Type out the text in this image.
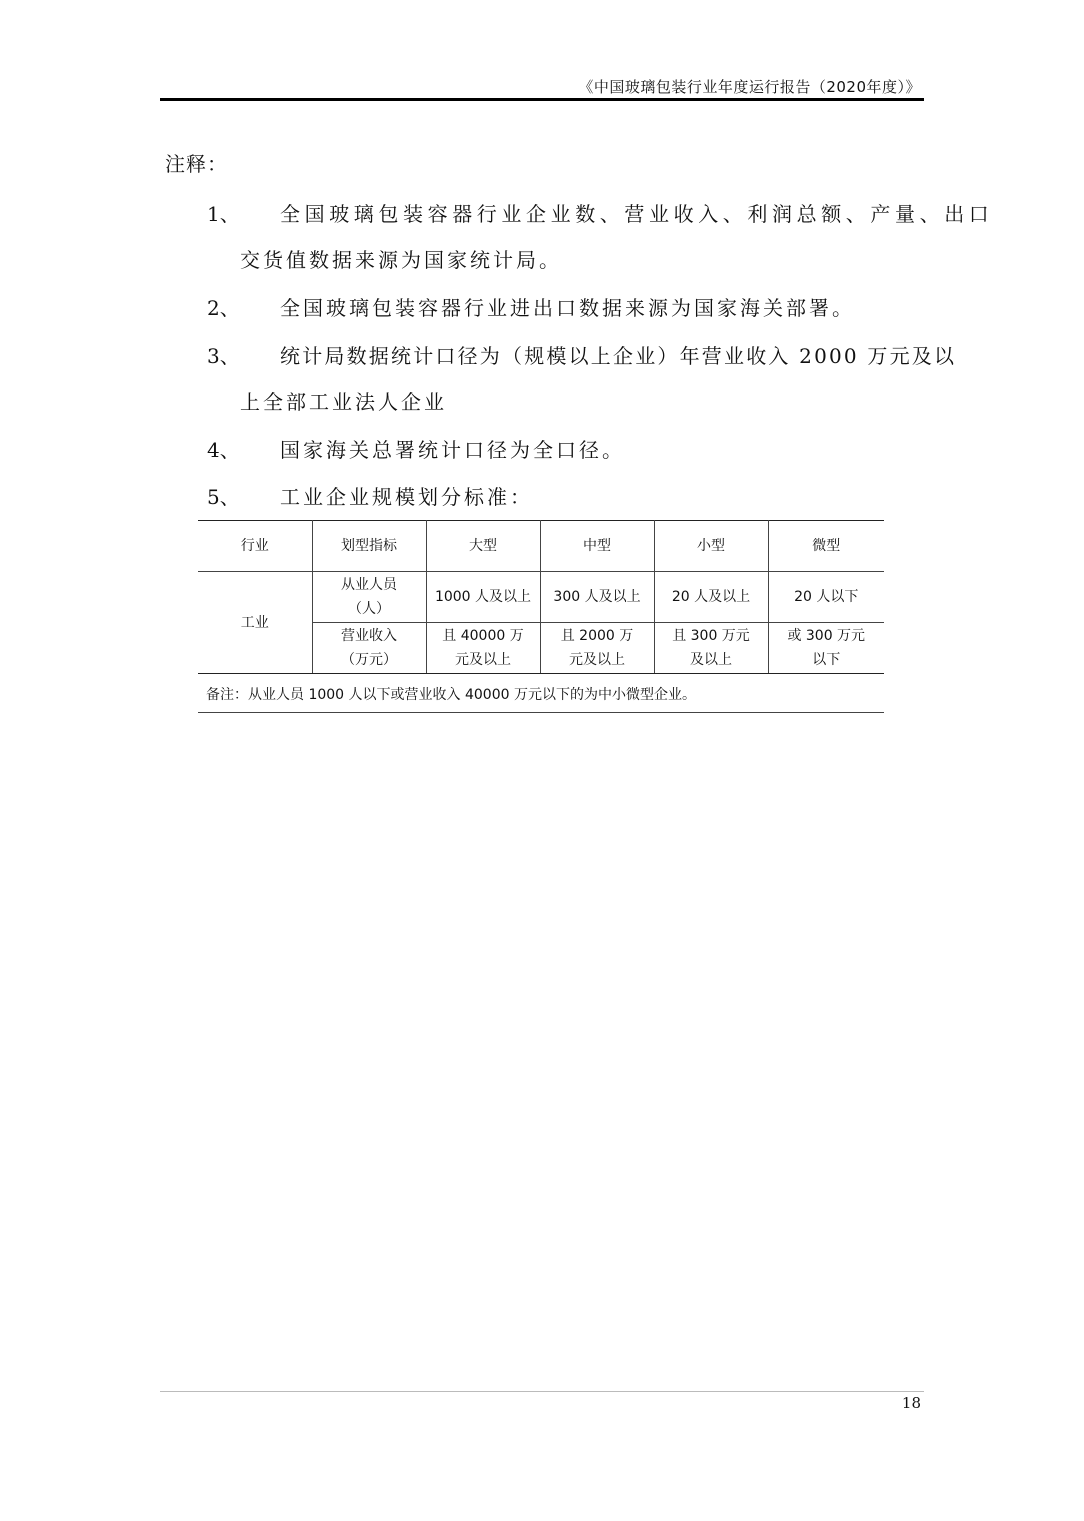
《中国玻璃包装行业年度运行报告（2020年度）》
注释：
1、 全国玻璃包装容器行业企业数、营业收入、利润总额、产量、出口
交货值数据来源为国家统计局。
2、 全国玻璃包装容器行业进出口数据来源为国家海关部署。
3、 统计局数据统计口径为（规模以上企业）年营业收入 2000 万元及以
上全部工业法人企业
4、 国家海关总署统计口径为全口径。
5、 工业企业规模划分标准：
行业	划型指标	大型	中型	小型	微型
工业	从业人员（人）	1000 人及以上	300 人及以上	20 人及以上	20 人以下
	营业收入（万元）	且 40000 万元及以上	且 2000 万元及以上	且 300 万元及以上	或 300 万元以下
备注：从业人员 1000 人以下或营业收入 40000 万元以下的为中小微型企业。
18
